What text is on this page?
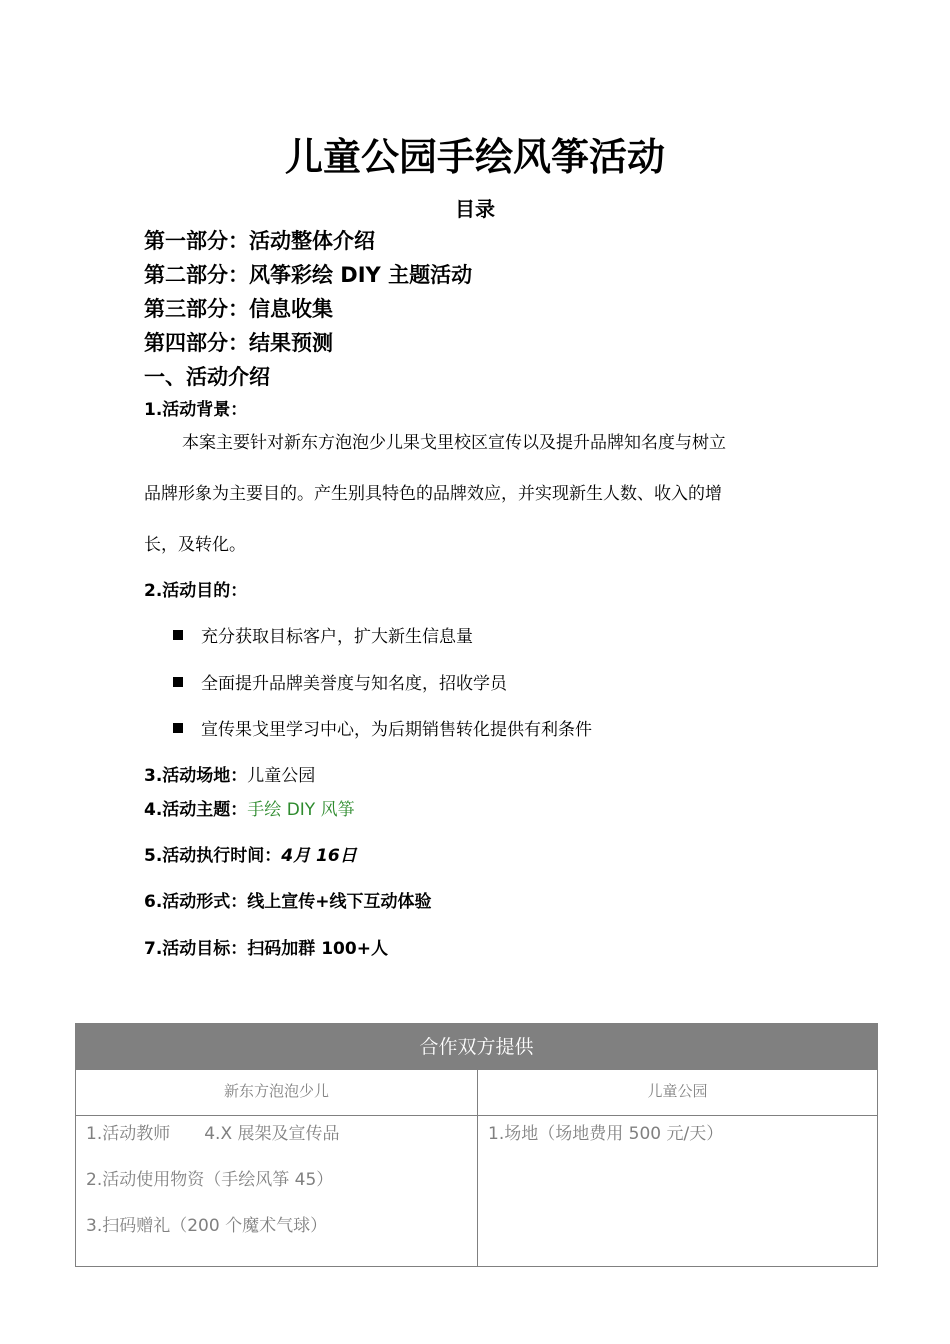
儿童公园手绘风筝活动
目录
第一部分：活动整体介绍
第二部分：风筝彩绘 DIY 主题活动
第三部分：信息收集
第四部分：结果预测
一、活动介绍
1.活动背景：
本案主要针对新东方泡泡少儿果戈里校区宣传以及提升品牌知名度与树立
品牌形象为主要目的。产生别具特色的品牌效应，并实现新生人数、收入的增
长，及转化。
2.活动目的：
充分获取目标客户，扩大新生信息量
全面提升品牌美誉度与知名度，招收学员
宣传果戈里学习中心，为后期销售转化提供有利条件
3.活动场地：儿童公园
4.活动主题：手绘 DIY 风筝
5.活动执行时间：4月 16日
6.活动形式：线上宣传+线下互动体验
7.活动目标：扫码加群 100+人
合作双方提供
新东方泡泡少儿	儿童公园
1.活动教师　　4.X 展架及宣传品
2.活动使用物资（手绘风筝 45）
3.扫码赠礼（200 个魔术气球）
1.场地（场地费用 500 元/天）
